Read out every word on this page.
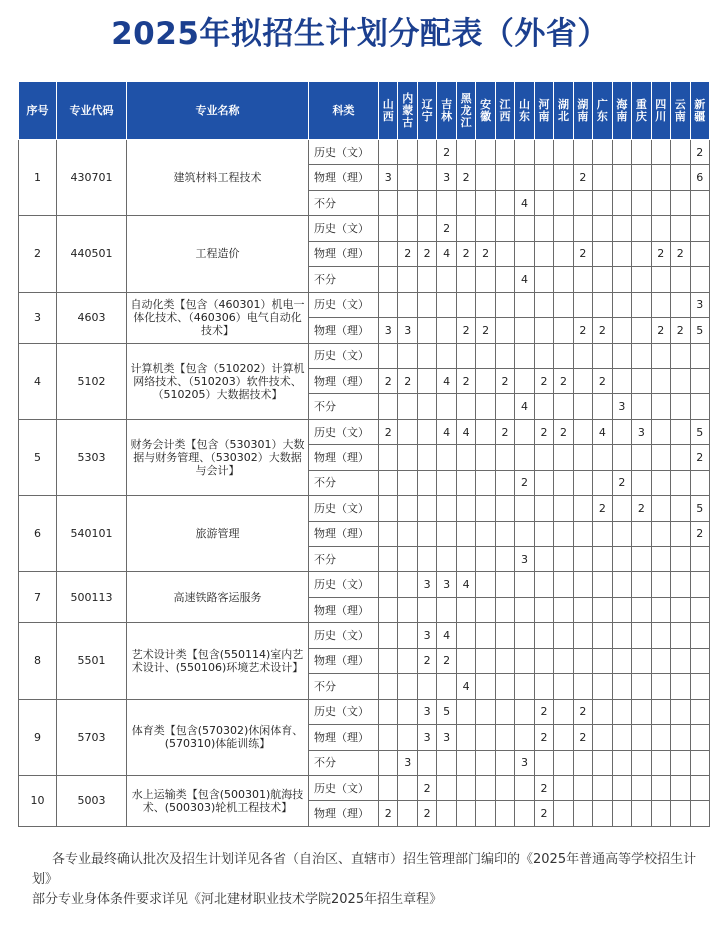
2025年拟招生计划分配表（外省）
序号	专业代码	专业名称	科类	山西	内蒙古	辽宁	吉林	黑龙江	安徽	江西	山东	河南	湖北	湖南	广东	海南	重庆	四川	云南	新疆
1	430701	建筑材料工程技术	历史（文）				2													2
			物理（理）	3			3	2						2						6
			不分								4									
2	440501	工程造价	历史（文）				2													
			物理（理）		2	2	4	2	2					2				2	2	
			不分								4									
3	4603	自动化类【包含（460301）机电一体化技术、（460306）电气自动化技术】	历史（文）																	3
			物理（理）	3	3			2	2					2	2			2	2	5
4	5102	计算机类【包含（510202）计算机网络技术、（510203）软件技术、（510205）大数据技术】	历史（文）																	
			物理（理）	2	2		4	2		2		2	2		2					
			不分								4					3				
5	5303	财务会计类【包含（530301）大数据与财务管理、（530302）大数据与会计】	历史（文）	2			4	4		2		2	2		4		3			5
			物理（理）																	2
			不分								2					2				
6	540101	旅游管理	历史（文）												2		2			5
			物理（理）																	2
			不分								3									
7	500113	高速铁路客运服务	历史（文）			3	3	4												
			物理（理）																	
8	5501	艺术设计类【包含(550114)室内艺术设计、(550106)环境艺术设计】	历史（文）			3	4													
			物理（理）			2	2													
			不分					4												
9	5703	体育类【包含(570302)休闲体育、(570310)体能训练】	历史（文）			3	5					2		2						
			物理（理）			3	3					2		2						
			不分		3						3									
10	5003	水上运输类【包含(500301)航海技术、(500303)轮机工程技术】	历史（文）			2						2								
			物理（理）	2		2						2								

各专业最终确认批次及招生计划详见各省（自治区、直辖市）招生管理部门编印的《2025年普通高等学校招生计划》

部分专业身体条件要求详见《河北建材职业技术学院2025年招生章程》
